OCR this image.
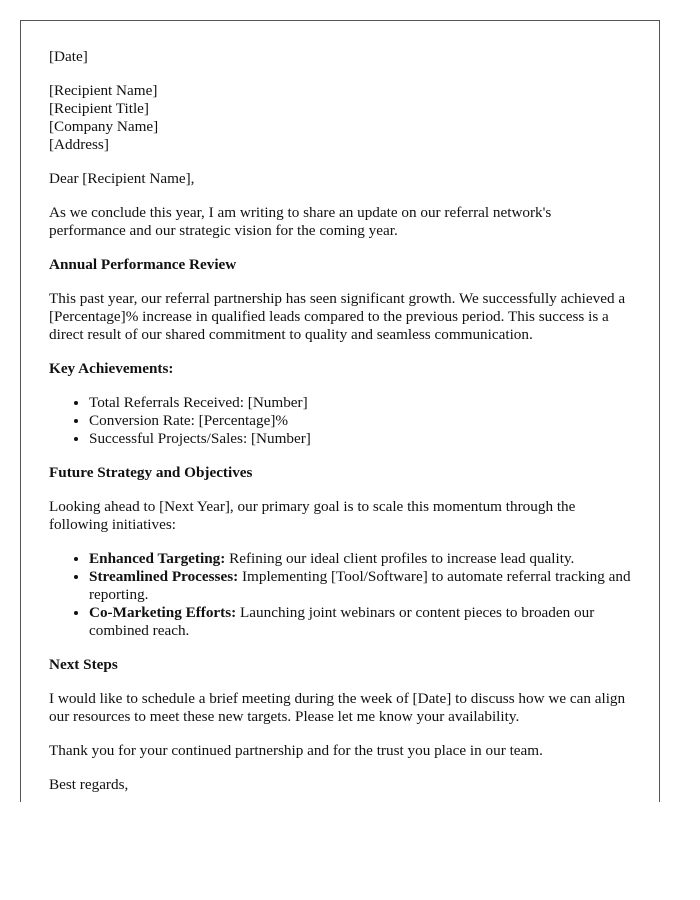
[Date]

[Recipient Name]
[Recipient Title]
[Company Name]
[Address]

Dear [Recipient Name],

As we conclude this year, I am writing to share an update on our referral network's performance and our strategic vision for the coming year.

Annual Performance Review

This past year, our referral partnership has seen significant growth. We successfully achieved a [Percentage]% increase in qualified leads compared to the previous period. This success is a direct result of our shared commitment to quality and seamless communication.

Key Achievements:
• Total Referrals Received: [Number]
• Conversion Rate: [Percentage]%
• Successful Projects/Sales: [Number]
Future Strategy and Objectives

Looking ahead to [Next Year], our primary goal is to scale this momentum through the following initiatives:

• Enhanced Targeting: Refining our ideal client profiles to increase lead quality.
• Streamlined Processes: Implementing [Tool/Software] to automate referral tracking and reporting.
• Co-Marketing Efforts: Launching joint webinars or content pieces to broaden our combined reach.
Next Steps

I would like to schedule a brief meeting during the week of [Date] to discuss how we can align our resources to meet these new targets. Please let me know your availability.

Thank you for your continued partnership and for the trust you place in our team.

Best regards,
